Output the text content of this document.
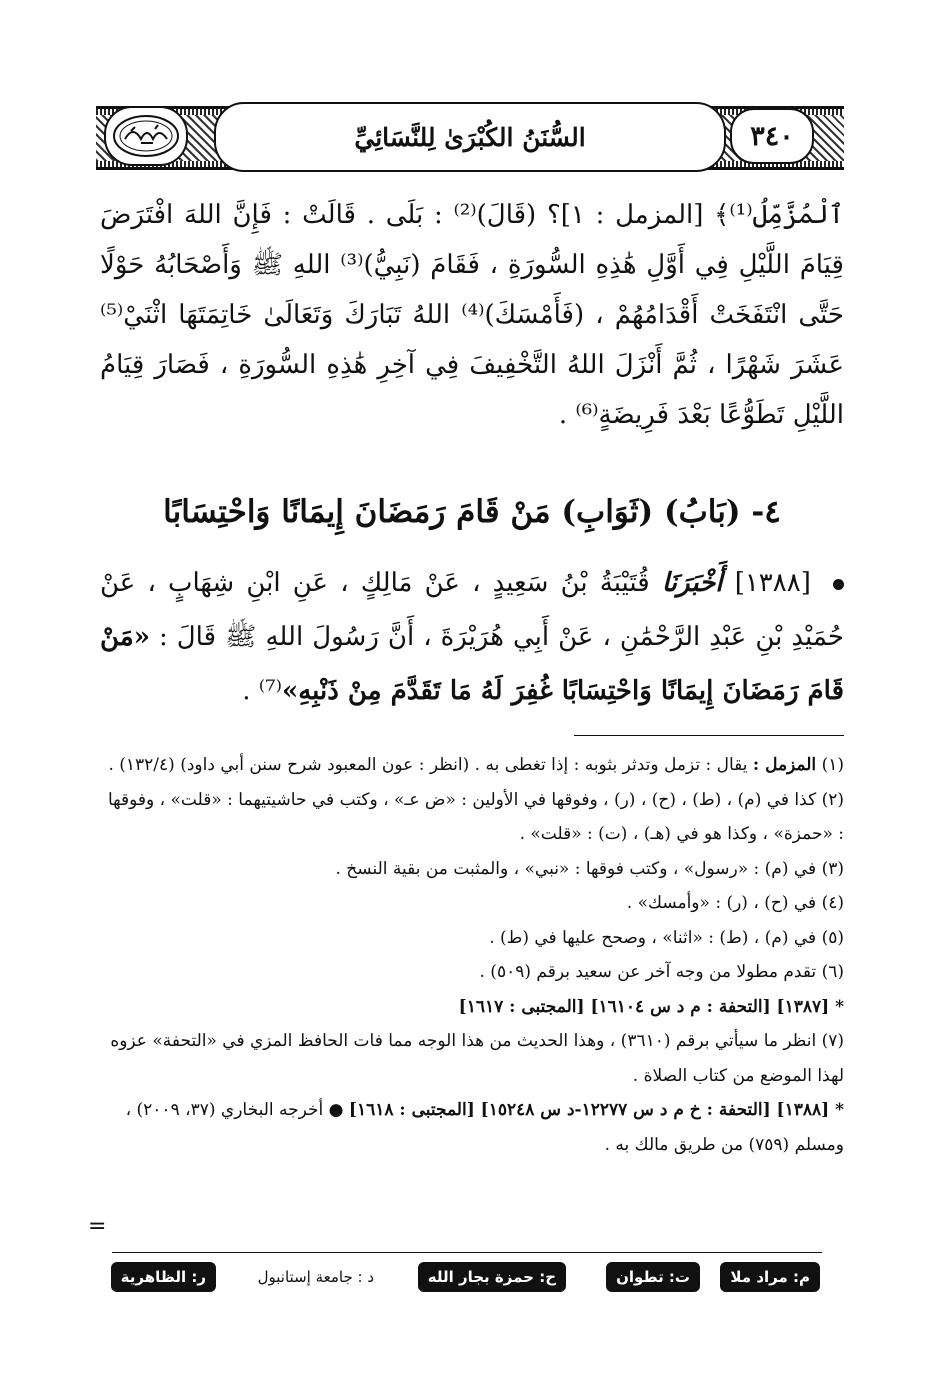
٣٤٠
السُّنَنُ الكُبْرَىٰ لِلنَّسَائِيِّ

ٱلْمُزَّمِّلُ⁽¹⁾﴾ [المزمل : ١]؟ (قَالَ)⁽²⁾ : بَلَى . قَالَتْ : فَإِنَّ اللهَ افْتَرَضَ قِيَامَ اللَّيْلِ فِي أَوَّلِ هَٰذِهِ السُّورَةِ ، فَقَامَ (نَبِيُّ)⁽³⁾ اللهِ ﷺ وَأَصْحَابُهُ حَوْلًا حَتَّى انْتَفَخَتْ أَقْدَامُهُمْ ، (فَأَمْسَكَ)⁽⁴⁾ اللهُ تَبَارَكَ وَتَعَالَىٰ خَاتِمَتَهَا اثْنَيْ⁽⁵⁾ عَشَرَ شَهْرًا ، ثُمَّ أَنْزَلَ اللهُ التَّخْفِيفَ فِي آخِرِ هَٰذِهِ السُّورَةِ ، فَصَارَ قِيَامُ اللَّيْلِ تَطَوُّعًا بَعْدَ فَرِيضَةٍ⁽⁶⁾ .

٤- (بَابُ) (ثَوَابِ) مَنْ قَامَ رَمَضَانَ إِيمَانًا وَاحْتِسَابًا
[١٣٨٨] أَخْبَرَنَا قُتَيْبَةُ بْنُ سَعِيدٍ ، عَنْ مَالِكٍ ، عَنِ ابْنِ شِهَابٍ ، عَنْ حُمَيْدِ بْنِ عَبْدِ الرَّحْمَٰنِ ، عَنْ أَبِي هُرَيْرَةَ ، أَنَّ رَسُولَ اللهِ ﷺ قَالَ : «مَنْ قَامَ رَمَضَانَ إِيمَانًا وَاحْتِسَابًا غُفِرَ لَهُ مَا تَقَدَّمَ مِنْ ذَنْبِهِ»⁽⁷⁾ .
(١) المزمل : يقال : تزمل وتدثر بثوبه : إذا تغطى به . (انظر : عون المعبود شرح سنن أبي داود) (١٣٢/٤) .
(٢) كذا في (م) ، (ط) ، (ح) ، (ر) ، وفوقها في الأولين : «ض عـ» ، وكتب في حاشيتيهما : «قلت» ، وفوقها : «حمزة» ، وكذا هو في (هـ) ، (ت) : «قلت» .
(٣) في (م) : «رسول» ، وكتب فوقها : «نبي» ، والمثبت من بقية النسخ .
(٤) في (ح) ، (ر) : «وأمسك» .
(٥) في (م) ، (ط) : «اثنا» ، وصحح عليها في (ط) .
(٦) تقدم مطولا من وجه آخر عن سعيد برقم (٥٠٩) .
* [١٣٨٧] [التحفة : م د س ١٦١٠٤] [المجتبى : ١٦١٧]
(٧) انظر ما سيأتي برقم (٣٦١٠) ، وهذا الحديث من هذا الوجه مما فات الحافظ المزي في «التحفة» عزوه لهذا الموضع من كتاب الصلاة .
* [١٣٨٨] [التحفة : خ م د س ١٢٢٧٧-د س ١٥٢٤٨] [المجتبى : ١٦١٨] ● أخرجه البخاري (٣٧، ٢٠٠٩) ، ومسلم (٧٥٩) من طريق مالك به .
=
م: مراد ملا
ت: تطوان
ح: حمزة بجار الله
د : جامعة إستانبول
ر: الظاهرية
